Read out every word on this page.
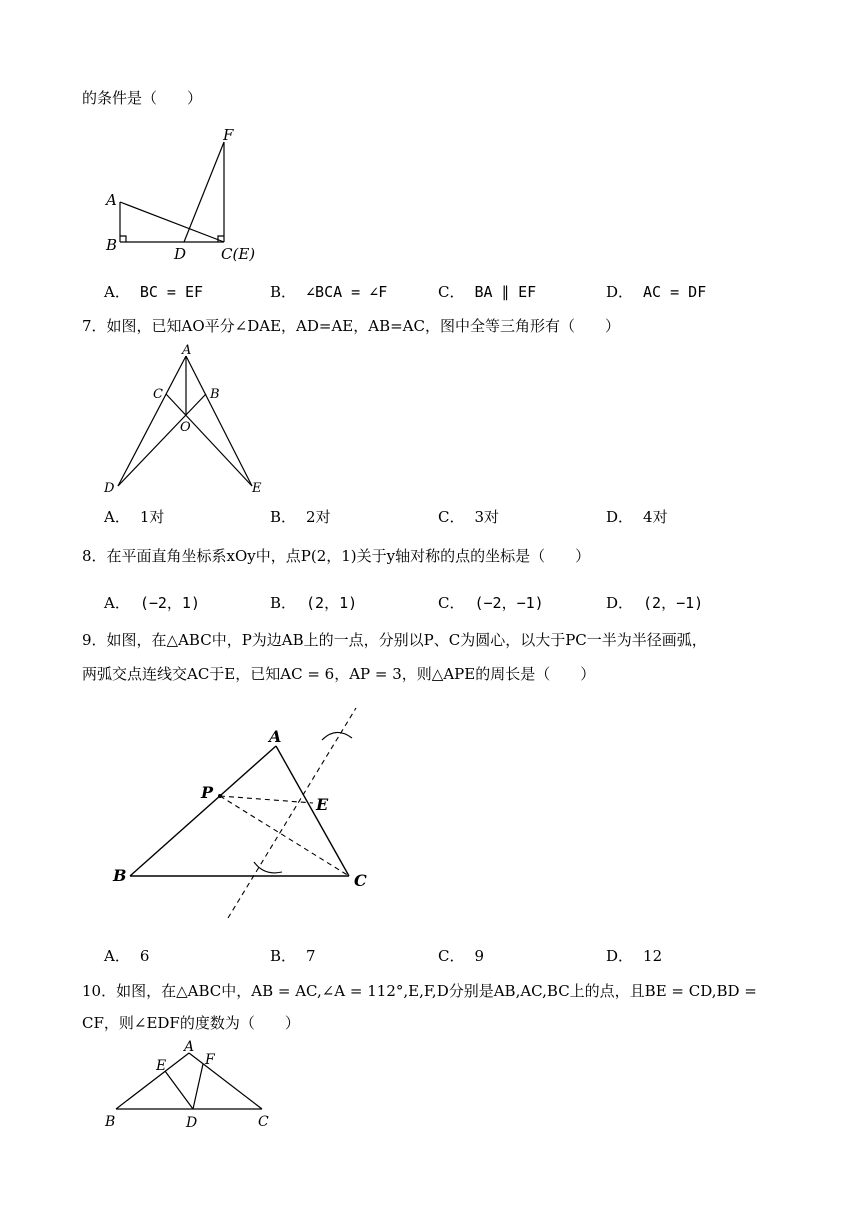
的条件是（　　）
A
B	D
F
C(E)
A． BC = EF	B． ∠BCA = ∠F	C． BA ∥ EF	D． AC = DF
7．如图，已知AO平分∠DAE，AD=AE，AB=AC，图中全等三角形有（　　）
A
C	B
O
D	E
A． 1对	B． 2对	C． 3对	D． 4对
8．在平面直角坐标系xOy中，点P(2，1)关于y轴对称的点的坐标是（　　）
A． (−2，1)	B． (2，1)	C． (−2，−1)	D． (2，−1)
9．如图，在△ABC中，P为边AB上的一点，分别以P、C为圆心，以大于PC一半为半径画弧，
两弧交点连线交AC于E，已知AC = 6，AP = 3，则△APE的周长是（　　）
A
P
E
B	C
A． 6	B． 7	C． 9	D． 12
10．如图，在△ABC中，AB = AC,∠A = 112°,E,F,D分别是AB,AC,BC上的点，且BE = CD,BD =
CF，则∠EDF的度数为（　　）
A
E	F
B	D	C
